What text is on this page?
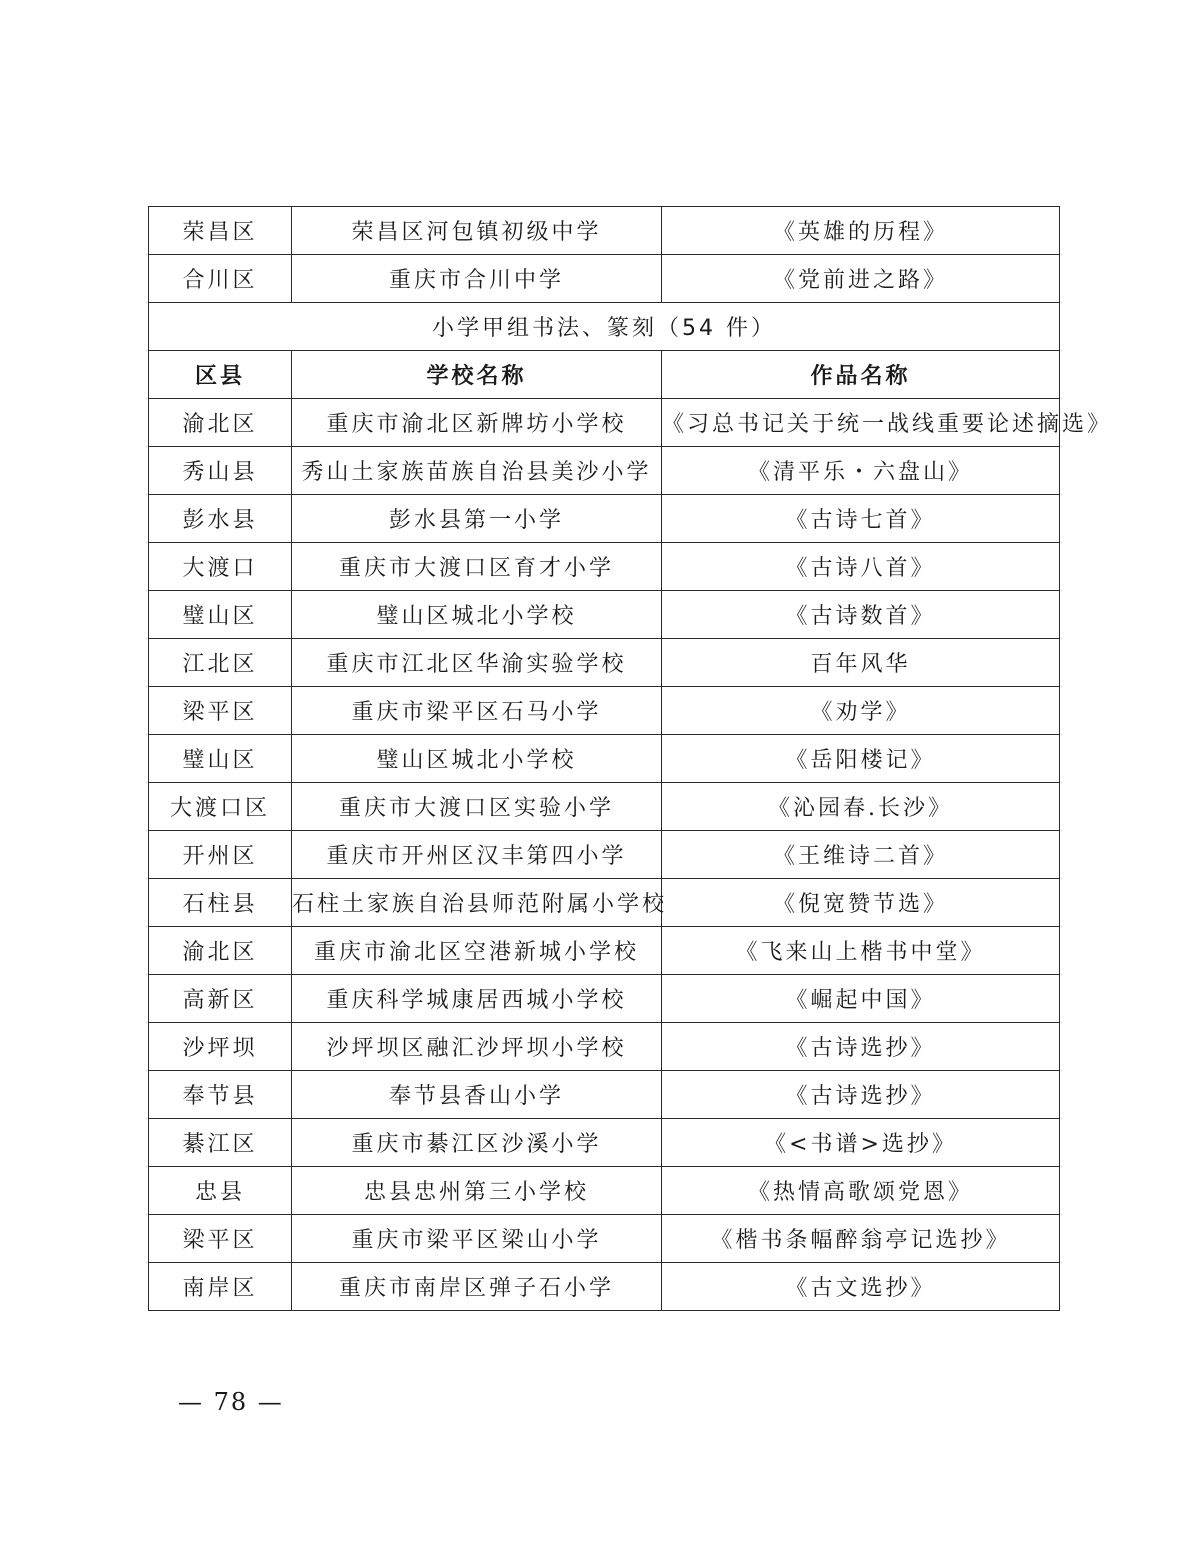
荣昌区	荣昌区河包镇初级中学	《英雄的历程》
合川区	重庆市合川中学	《党前进之路》
小学甲组书法、篆刻（54 件）		
区县	学校名称	作品名称
渝北区	重庆市渝北区新牌坊小学校	《习总书记关于统一战线重要论述摘选》
秀山县	秀山土家族苗族自治县美沙小学	《清平乐・六盘山》
彭水县	彭水县第一小学	《古诗七首》
大渡口	重庆市大渡口区育才小学	《古诗八首》
璧山区	璧山区城北小学校	《古诗数首》
江北区	重庆市江北区华渝实验学校	百年风华
梁平区	重庆市梁平区石马小学	《劝学》
璧山区	璧山区城北小学校	《岳阳楼记》
大渡口区	重庆市大渡口区实验小学	《沁园春.长沙》
开州区	重庆市开州区汉丰第四小学	《王维诗二首》
石柱县	石柱土家族自治县师范附属小学校	《倪宽赞节选》
渝北区	重庆市渝北区空港新城小学校	《飞来山上楷书中堂》
高新区	重庆科学城康居西城小学校	《崛起中国》
沙坪坝	沙坪坝区融汇沙坪坝小学校	《古诗选抄》
奉节县	奉节县香山小学	《古诗选抄》
綦江区	重庆市綦江区沙溪小学	《<书谱>选抄》
忠县	忠县忠州第三小学校	《热情高歌颂党恩》
梁平区	重庆市梁平区梁山小学	《楷书条幅醉翁亭记选抄》
南岸区	重庆市南岸区弹子石小学	《古文选抄》
— 78 —
